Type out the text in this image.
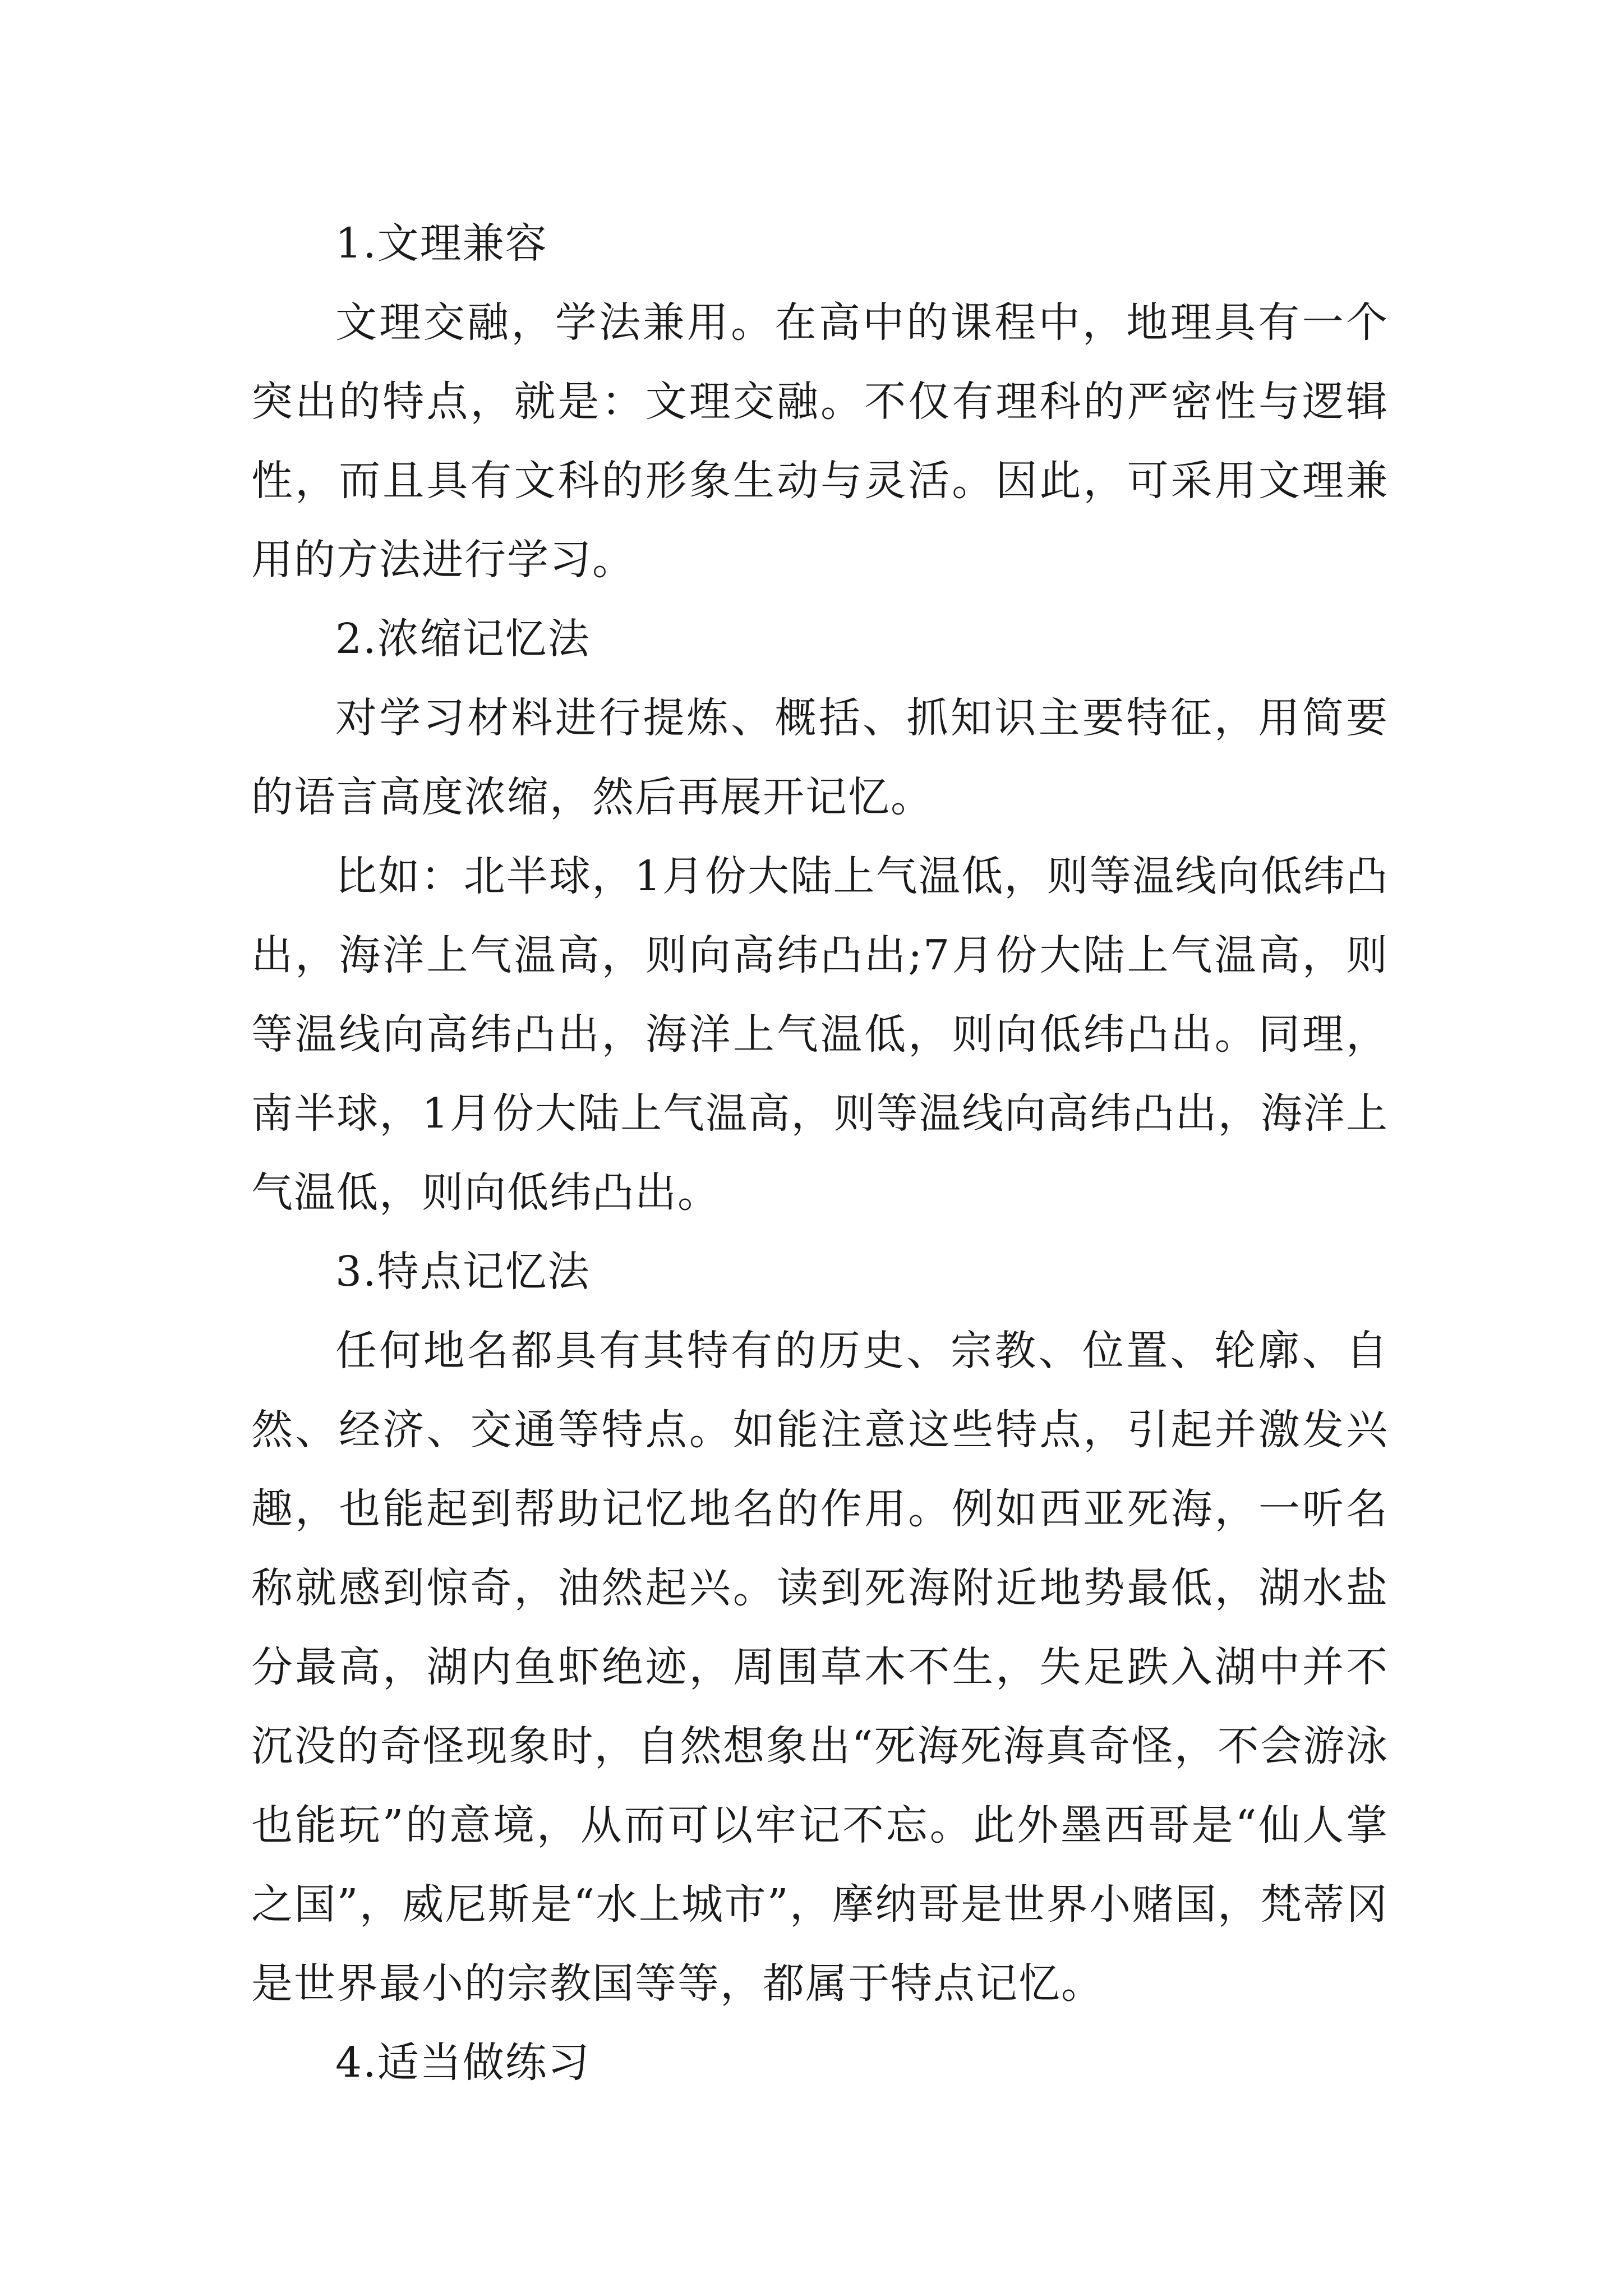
1.文理兼容

文理交融，学法兼用。在高中的课程中，地理具有一个突出的特点，就是：文理交融。不仅有理科的严密性与逻辑性，而且具有文科的形象生动与灵活。因此，可采用文理兼用的方法进行学习。

2.浓缩记忆法

对学习材料进行提炼、概括、抓知识主要特征，用简要的语言高度浓缩，然后再展开记忆。

比如：北半球，1月份大陆上气温低，则等温线向低纬凸出，海洋上气温高，则向高纬凸出;7月份大陆上气温高，则等温线向高纬凸出，海洋上气温低，则向低纬凸出。同理，南半球，1月份大陆上气温高，则等温线向高纬凸出，海洋上气温低，则向低纬凸出。

3.特点记忆法

任何地名都具有其特有的历史、宗教、位置、轮廓、自然、经济、交通等特点。如能注意这些特点，引起并激发兴趣，也能起到帮助记忆地名的作用。例如西亚死海，一听名称就感到惊奇，油然起兴。读到死海附近地势最低，湖水盐分最高，湖内鱼虾绝迹，周围草木不生，失足跌入湖中并不沉没的奇怪现象时，自然想象出“死海死海真奇怪，不会游泳也能玩”的意境，从而可以牢记不忘。此外墨西哥是“仙人掌之国”，威尼斯是“水上城市”，摩纳哥是世界小赌国，梵蒂冈是世界最小的宗教国等等，都属于特点记忆。

4.适当做练习
